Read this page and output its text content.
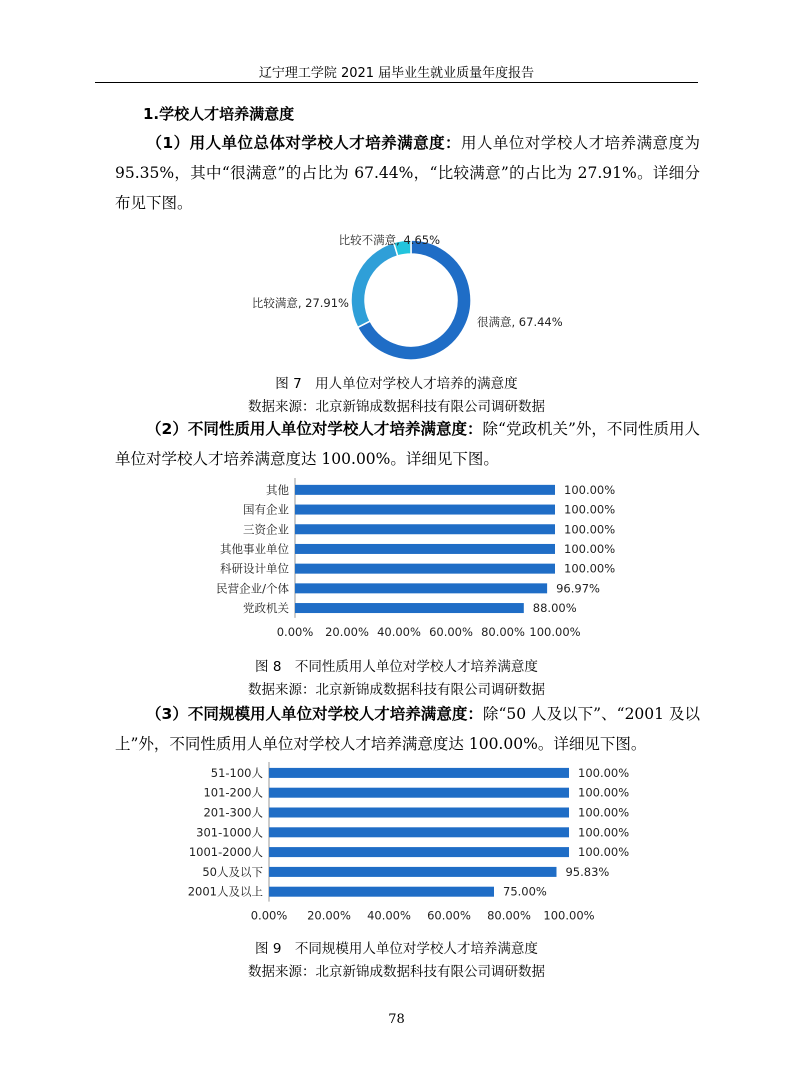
辽宁理工学院 2021 届毕业生就业质量年度报告
1.学校人才培养满意度

（1）用人单位总体对学校人才培养满意度：用人单位对学校人才培养满意度为95.35%，其中“很满意”的占比为 67.44%，“比较满意”的占比为 27.91%。详细分布见下图。

很满意, 67.44%
比较满意, 27.91%
比较不满意, 4.65%
图 7　用人单位对学校人才培养的满意度
数据来源：北京新锦成数据科技有限公司调研数据

（2）不同性质用人单位对学校人才培养满意度：除“党政机关”外，不同性质用人单位对学校人才培养满意度达 100.00%。详细见下图。

其他	100.00%
国有企业	100.00%
三资企业	100.00%
其他事业单位	100.00%
科研设计单位	100.00%
民营企业/个体	96.97%
党政机关	88.00%
0.00% 20.00% 40.00% 60.00% 80.00% 100.00%
图 8　不同性质用人单位对学校人才培养满意度
数据来源：北京新锦成数据科技有限公司调研数据

（3）不同规模用人单位对学校人才培养满意度：除“50 人及以下”、“2001 及以上”外，不同性质用人单位对学校人才培养满意度达 100.00%。详细见下图。

51-100人	100.00%
101-200人	100.00%
201-300人	100.00%
301-1000人	100.00%
1001-2000人	100.00%
50人及以下	95.83%
2001人及以上	75.00%
0.00% 20.00% 40.00% 60.00% 80.00% 100.00%
图 9　不同规模用人单位对学校人才培养满意度
数据来源：北京新锦成数据科技有限公司调研数据
78
